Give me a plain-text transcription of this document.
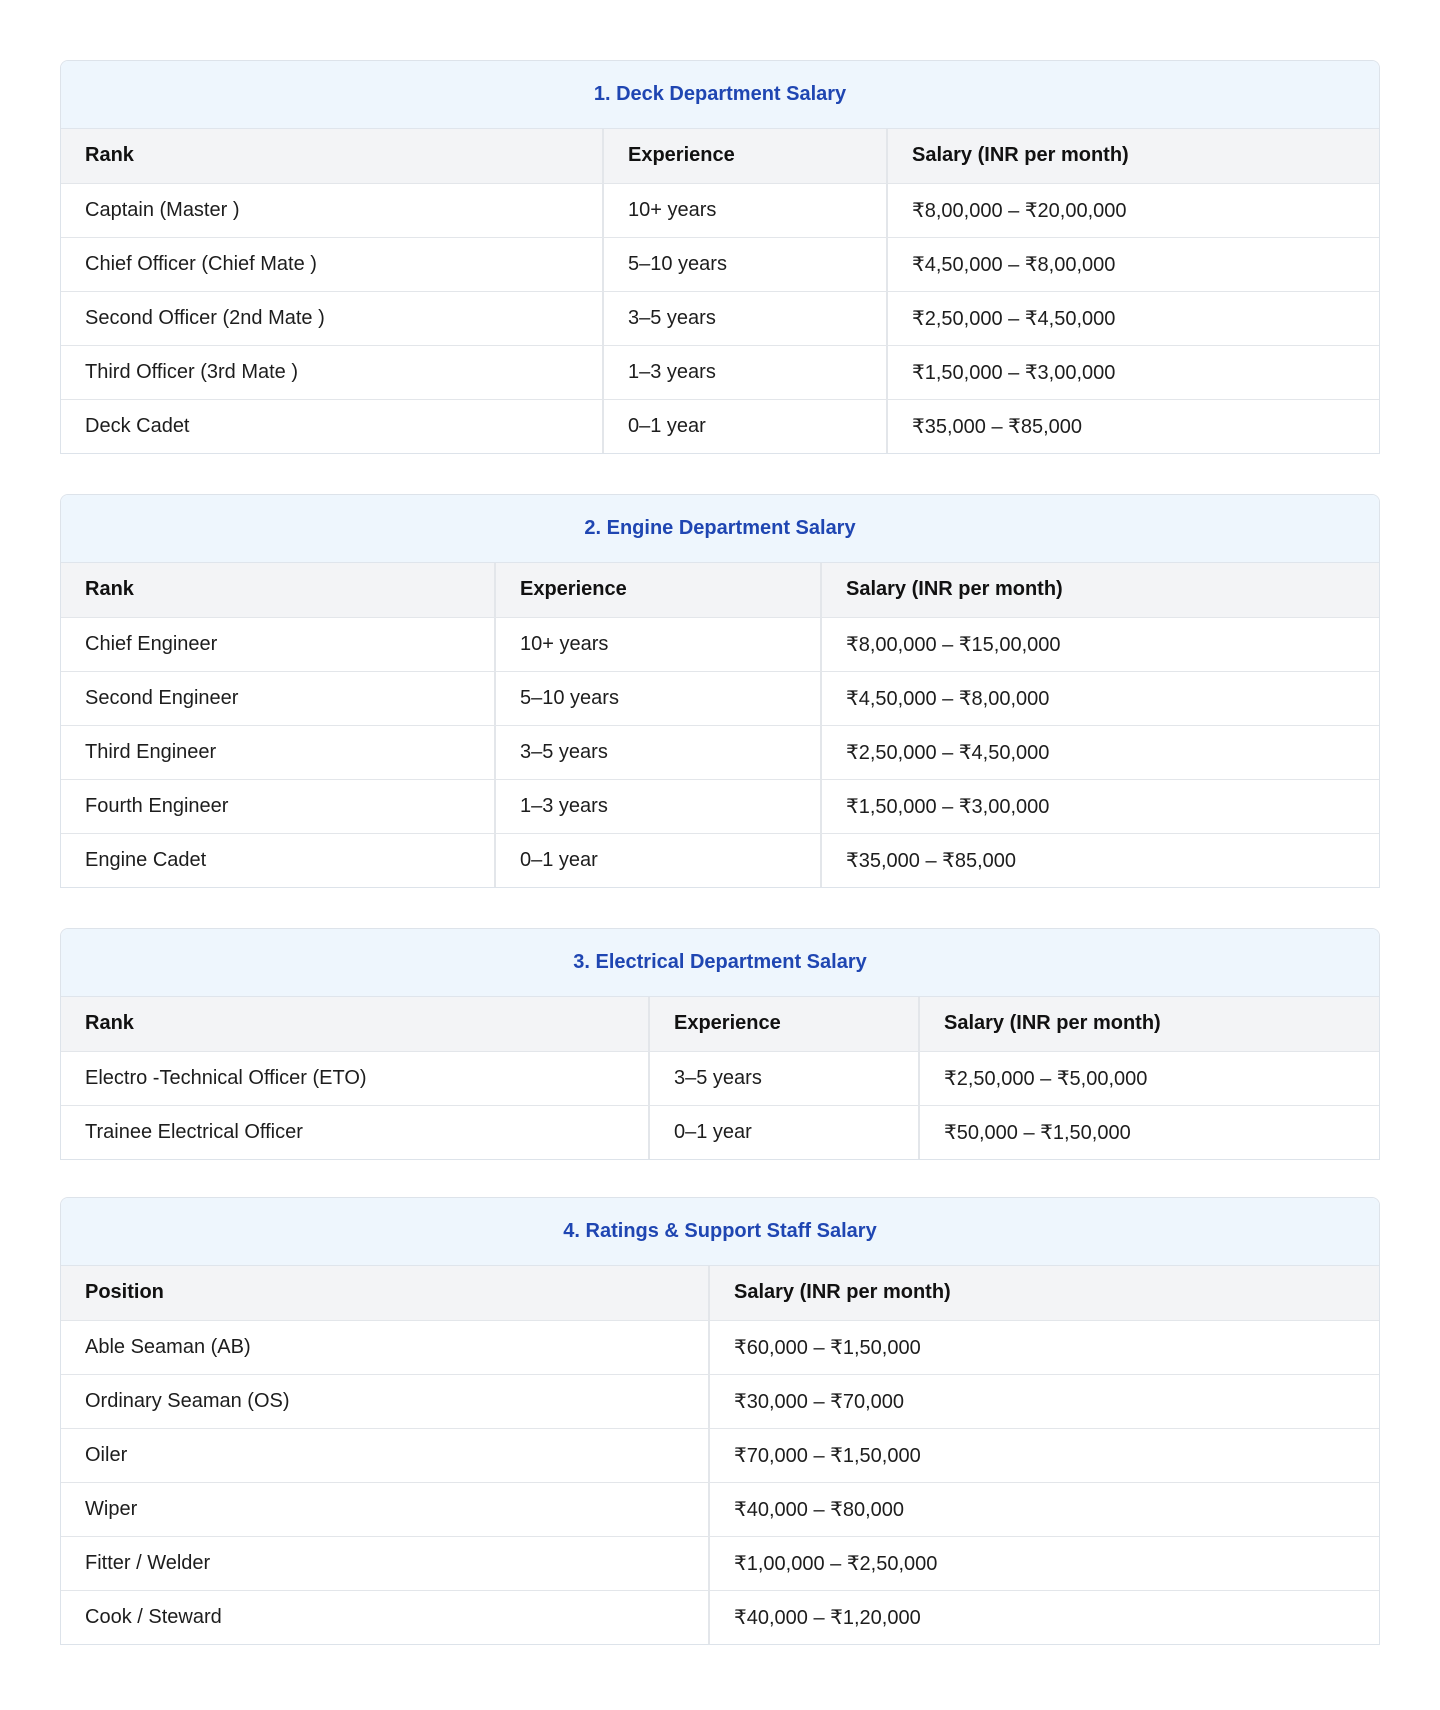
1. Deck Department Salary
Rank	Experience	Salary (INR per month)
Captain (Master )	10+ years	₹8,00,000 – ₹20,00,000
Chief Officer (Chief Mate )	5–10 years	₹4,50,000 – ₹8,00,000
Second Officer (2nd Mate )	3–5 years	₹2,50,000 – ₹4,50,000
Third Officer (3rd Mate )	1–3 years	₹1,50,000 – ₹3,00,000
Deck Cadet	0–1 year	₹35,000 – ₹85,000
2. Engine Department Salary
Rank	Experience	Salary (INR per month)
Chief Engineer	10+ years	₹8,00,000 – ₹15,00,000
Second Engineer	5–10 years	₹4,50,000 – ₹8,00,000
Third Engineer	3–5 years	₹2,50,000 – ₹4,50,000
Fourth Engineer	1–3 years	₹1,50,000 – ₹3,00,000
Engine Cadet	0–1 year	₹35,000 – ₹85,000
3. Electrical Department Salary
Rank	Experience	Salary (INR per month)
Electro -Technical Officer (ETO)	3–5 years	₹2,50,000 – ₹5,00,000
Trainee Electrical Officer	0–1 year	₹50,000 – ₹1,50,000
4. Ratings & Support Staff Salary
Position	Salary (INR per month)
Able Seaman (AB)	₹60,000 – ₹1,50,000
Ordinary Seaman (OS)	₹30,000 – ₹70,000
Oiler	₹70,000 – ₹1,50,000
Wiper	₹40,000 – ₹80,000
Fitter / Welder	₹1,00,000 – ₹2,50,000
Cook / Steward	₹40,000 – ₹1,20,000
